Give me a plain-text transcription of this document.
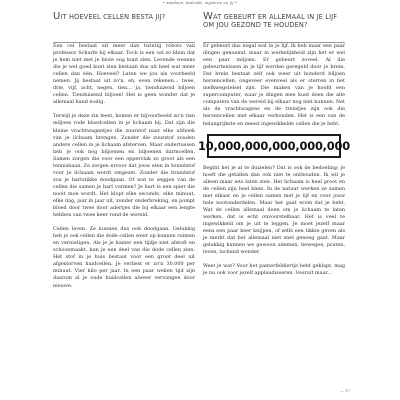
• aandoen, taalzakt, mysterie en jij •
UIT HOEVEEL CELLEN BESTA JIJ?

Een cel bestaat uit meer dan twintig robots van professor Scharfe bij elkaar. Toch is een cel zo klein dat je hem niet met je blote oog kunt zien. Levende wezens die je wel goed kunt zien bestaan dus uit heel wat meer cellen dan één. Hoeveel? Laten we jou als voorbeeld nemen. Jij bestaat uit zo'n, eh, even rekenen... twee, drie, vijf, acht, negen, tien... ja, tienduizend biljoen cellen. Tienduizend biljoen! Het is geen wonder dat je allemaal hand nodig.

Terwijl je deze zin leest, komen er bijvoorbeeld zo'n tien miljoen rode bloedcellen in je lichaam bij. Dat zijn die kleine vrachtwagentjes die zuurstof naar elke uithoek van je lichaam brengen. Zonder die zuurstof zouden andere cellen in je lichaam afsterven. Maar ondertussen heb je ook nog biljoenen en biljoenen darmcellen. Samen zorgen die voor een oppervlak zo groot als een tennisbaan. Ze zorgen ervoor dat jouw eten in brandstof voor je lichaam wordt omgezet. Zonder die brandstof zou je hartstikke doodgaan. Of wat te zeggen van de cellen die samen je hart vormen? Je hart is een spier die nooit moe wordt. Het klopt elke seconde, elke minuut, elke dag, jaar in jaar uit, zonder onderbreking, en pompt bloed door twee door adertjes die bij elkaar een lengte hebben van twee keer rond de wereld.

Cellen leven. Ze kunnen dus ook doodgaan. Gelukkig heb je ook cellen die dode cellen weer op kunnen ruimen en vernietigen. Als je je kamer een tijdje niet afstoft en schoonmaakt, kun je een deel van die dode cellen zien. Het stof in je huis bestaat voor een groot deel uit afgestorven huidcellen. Je verliest er zo'n 30.000 per minuut. Vier kilo per jaar. In een paar weken tijd zijn daarom al je oude huidcellen alweer vervangen door nieuwe.

WAT GEBEURT ER ALLEMAAL IN JE LIJF OM JOU GEZOND TE HOUDEN?

Er gebeurt dus nogal wat in je lijf. Ik heb maar een paar dingen genoemd, maar in werkelijkheid zijn het er wel een paar miljoen. Er gebeurt zoveel. Al die gebeurtenissen in je lijf worden geregeld door je brein. Dat brein bestaat zelf ook weer uit honderd biljoen hersencellen, ongeveer evenveel als er sterren in het melkwegstelsel zijn. Die maken van je hoofd een supercomputer, waar je dingen mee kunt doen die alle computers van de wereld bij elkaar nog niet kunnen. Net als de vrachtwagens en de treintjes zijn ook die hersencellen met elkaar verbonden. Het is een van de belangrijkste en meest ingewikkelde cellen die je hebt.

10,000,000,000,000,000

Begint het je al te duizelen? Dat is ook de bedoeling; je hoeft die getallen dan ook niet te onthouden. Ik wil je alleen maar iets laten zien. Het lichaam is heel groot en de cellen zijn heel klein. In de natuur werken ze samen met elkaar en je cellen samen met je lijf en voor jouw hele nootonderdelen. Maar het gaat erom dat je hebt. Wat de cellen allemaal doen om je lichaam te laten werken, dat is echt onvoorstelbaar. Het is veel te ingewikkeld om je uit te leggen. Je moet jezelf maar eens een paar keer knijpen, of zelfs een tikkie geven als je merkt dat het allemaal niet snel genoeg gaat. Maar gelukkig kunnen we gewoon ademen, bewegen, praten, leven, lachend wonder.

Weet je wat? Voor het panterfeldiertje hebt geklapt, mag je nu ook voor jezelf applaudisseren. Vooruit maar...

— 17
